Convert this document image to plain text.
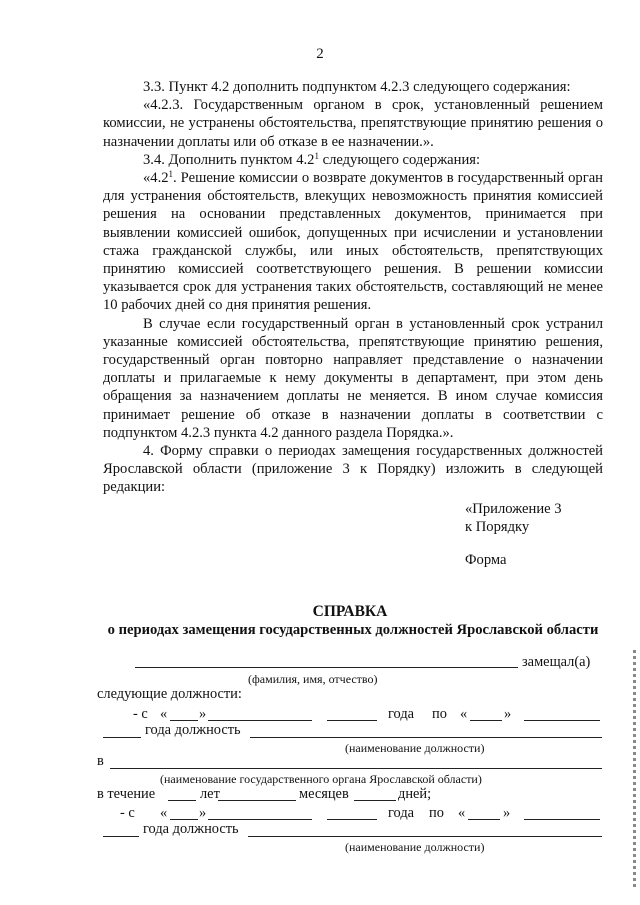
2

3.3. Пункт 4.2 дополнить подпунктом 4.2.3 следующего содержания:

«4.2.3. Государственным органом в срок, установленный решением комиссии, не устранены обстоятельства, препятствующие принятию решения о назначении доплаты или об отказе в ее назначении.».

3.4. Дополнить пунктом $4.2^1$ следующего содержания:

«$4.2^1$. Решение комиссии о возврате документов в государственный орган для устранения обстоятельств, влекущих невозможность принятия комиссией решения на основании представленных документов, принимается при выявлении комиссией ошибок, допущенных при исчислении и установлении стажа гражданской службы, или иных обстоятельств, препятствующих принятию комиссией соответствующего решения. В решении комиссии указывается срок для устранения таких обстоятельств, составляющий не менее 10 рабочих дней со дня принятия решения.

В случае если государственный орган в установленный срок устранил указанные комиссией обстоятельства, препятствующие принятию решения, государственный орган повторно направляет представление о назначении доплаты и прилагаемые к нему документы в департамент, при этом день обращения за назначением доплаты не меняется. В ином случае комиссия принимает решение об отказе в назначении доплаты в соответствии с подпунктом 4.2.3 пункта 4.2 данного раздела Порядка.».

4. Форму справки о периодах замещения государственных должностей Ярославской области (приложение 3 к Порядку) изложить в следующей редакции:

«Приложение 3
к Порядку
Форма
СПРАВКА
о периодах замещения государственных должностей Ярославской области
замещал(а)
(фамилия, имя, отчество)
следующие должности:
- с « »	года по «	»
года должность
(наименование должности)
в
(наименование государственного органа Ярославской области)
в течение	лет	месяцев	дней;
- с « »	года по «	»
года должность
(наименование должности)
